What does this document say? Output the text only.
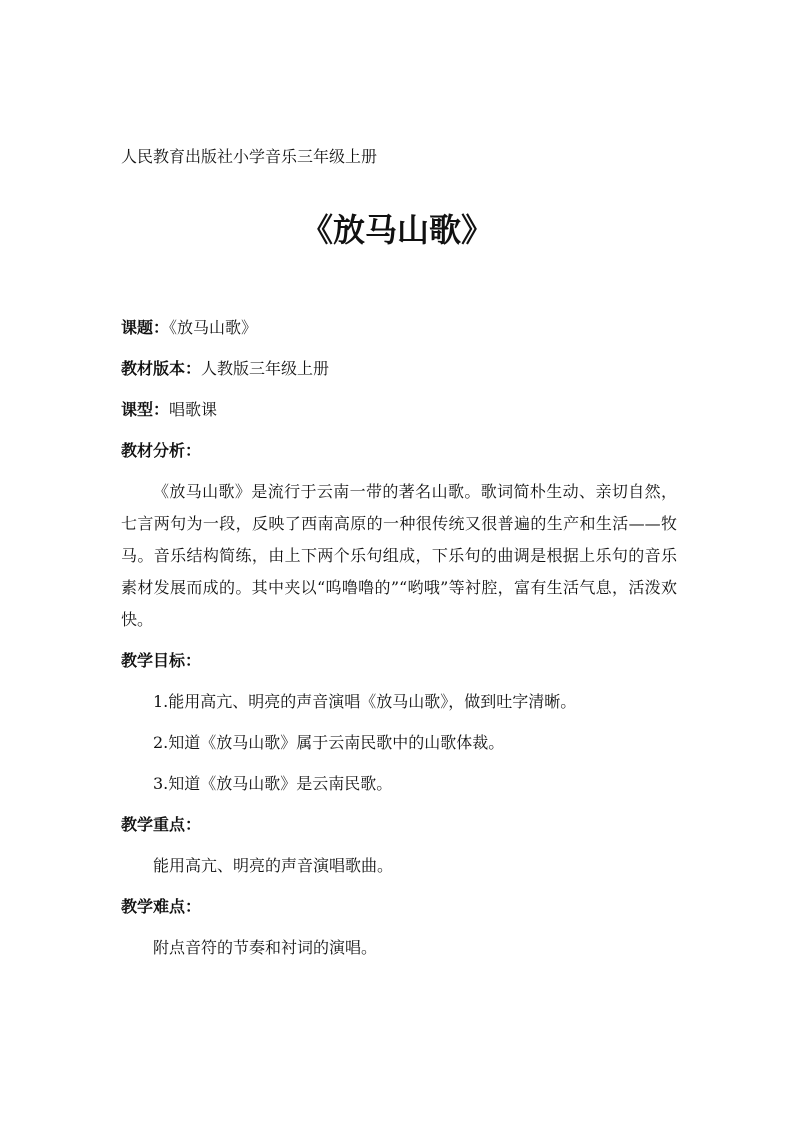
人民教育出版社小学音乐三年级上册
《放马山歌》
课题：《放马山歌》
教材版本：人教版三年级上册
课型：唱歌课
教材分析：
《放马山歌》是流行于云南一带的著名山歌。歌词简朴生动、亲切自然，七言两句为一段，反映了西南高原的一种很传统又很普遍的生产和生活——牧马。音乐结构简练，由上下两个乐句组成，下乐句的曲调是根据上乐句的音乐素材发展而成的。其中夹以“呜噜噜的”“哟哦”等衬腔，富有生活气息，活泼欢快。
教学目标：
1.能用高亢、明亮的声音演唱《放马山歌》，做到吐字清晰。
2.知道《放马山歌》属于云南民歌中的山歌体裁。
3.知道《放马山歌》是云南民歌。
教学重点：
能用高亢、明亮的声音演唱歌曲。
教学难点：
附点音符的节奏和衬词的演唱。
